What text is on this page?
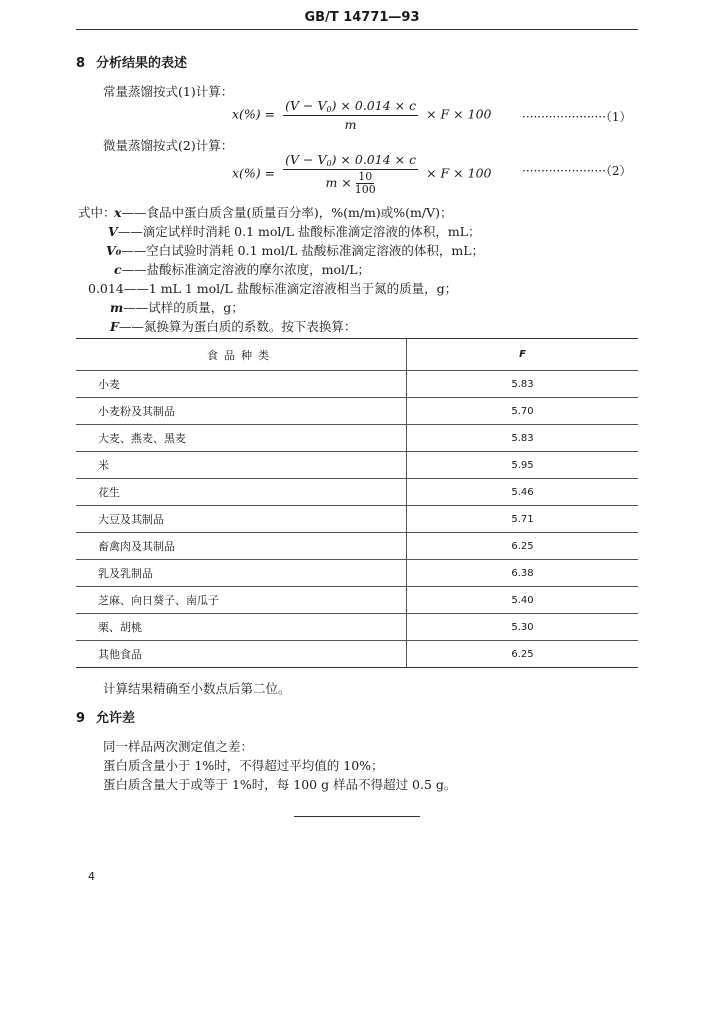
GB/T 14771—93
8 分析结果的表述
常量蒸馏按式(1)计算：
$x(\%) = \frac{(V - V_0) \times 0.014 \times c}{m} \times F \times 100$	······················（1）
微量蒸馏按式(2)计算：
$x(\%) = \frac{(V - V_0) \times 0.014 \times c}{m \times \frac{10}{100}} \times F \times 100$	······················（2）
式中：
x——食品中蛋白质含量(质量百分率)，%(m/m)或%(m/V)；
V——滴定试样时消耗 0.1 mol/L 盐酸标准滴定溶液的体积，mL；
V₀——空白试验时消耗 0.1 mol/L 盐酸标准滴定溶液的体积，mL；
c——盐酸标准滴定溶液的摩尔浓度，mol/L；
0.014——1 mL 1 mol/L 盐酸标准滴定溶液相当于氮的质量，g；
m——试样的质量，g；
F——氮换算为蛋白质的系数。按下表换算：
食品种类	F
小麦	5.83
小麦粉及其制品	5.70
大麦、燕麦、黑麦	5.83
米	5.95
花生	5.46
大豆及其制品	5.71
畜禽肉及其制品	6.25
乳及乳制品	6.38
芝麻、向日葵子、南瓜子	5.40
栗、胡桃	5.30
其他食品	6.25
计算结果精确至小数点后第二位。
9 允许差
同一样品两次测定值之差：
蛋白质含量小于 1%时，不得超过平均值的 10%；
蛋白质含量大于或等于 1%时，每 100 g 样品不得超过 0.5 g。
4
